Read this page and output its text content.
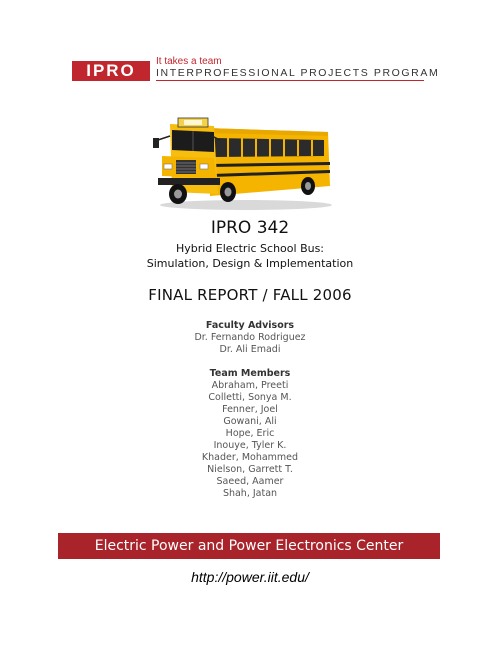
IPRO	It takes a team
INTERPROFESSIONAL PROJECTS PROGRAM
IPRO 342
Hybrid Electric School Bus:
Simulation, Design & Implementation
FINAL REPORT / FALL 2006
Faculty Advisors
Dr. Fernando Rodriguez
Dr. Ali Emadi
Team Members
Abraham, Preeti
Colletti, Sonya M.
Fenner, Joel
Gowani, Ali
Hope, Eric
Inouye, Tyler K.
Khader, Mohammed
Nielson, Garrett T.
Saeed, Aamer
Shah, Jatan
Electric Power and Power Electronics Center
http://power.iit.edu/
